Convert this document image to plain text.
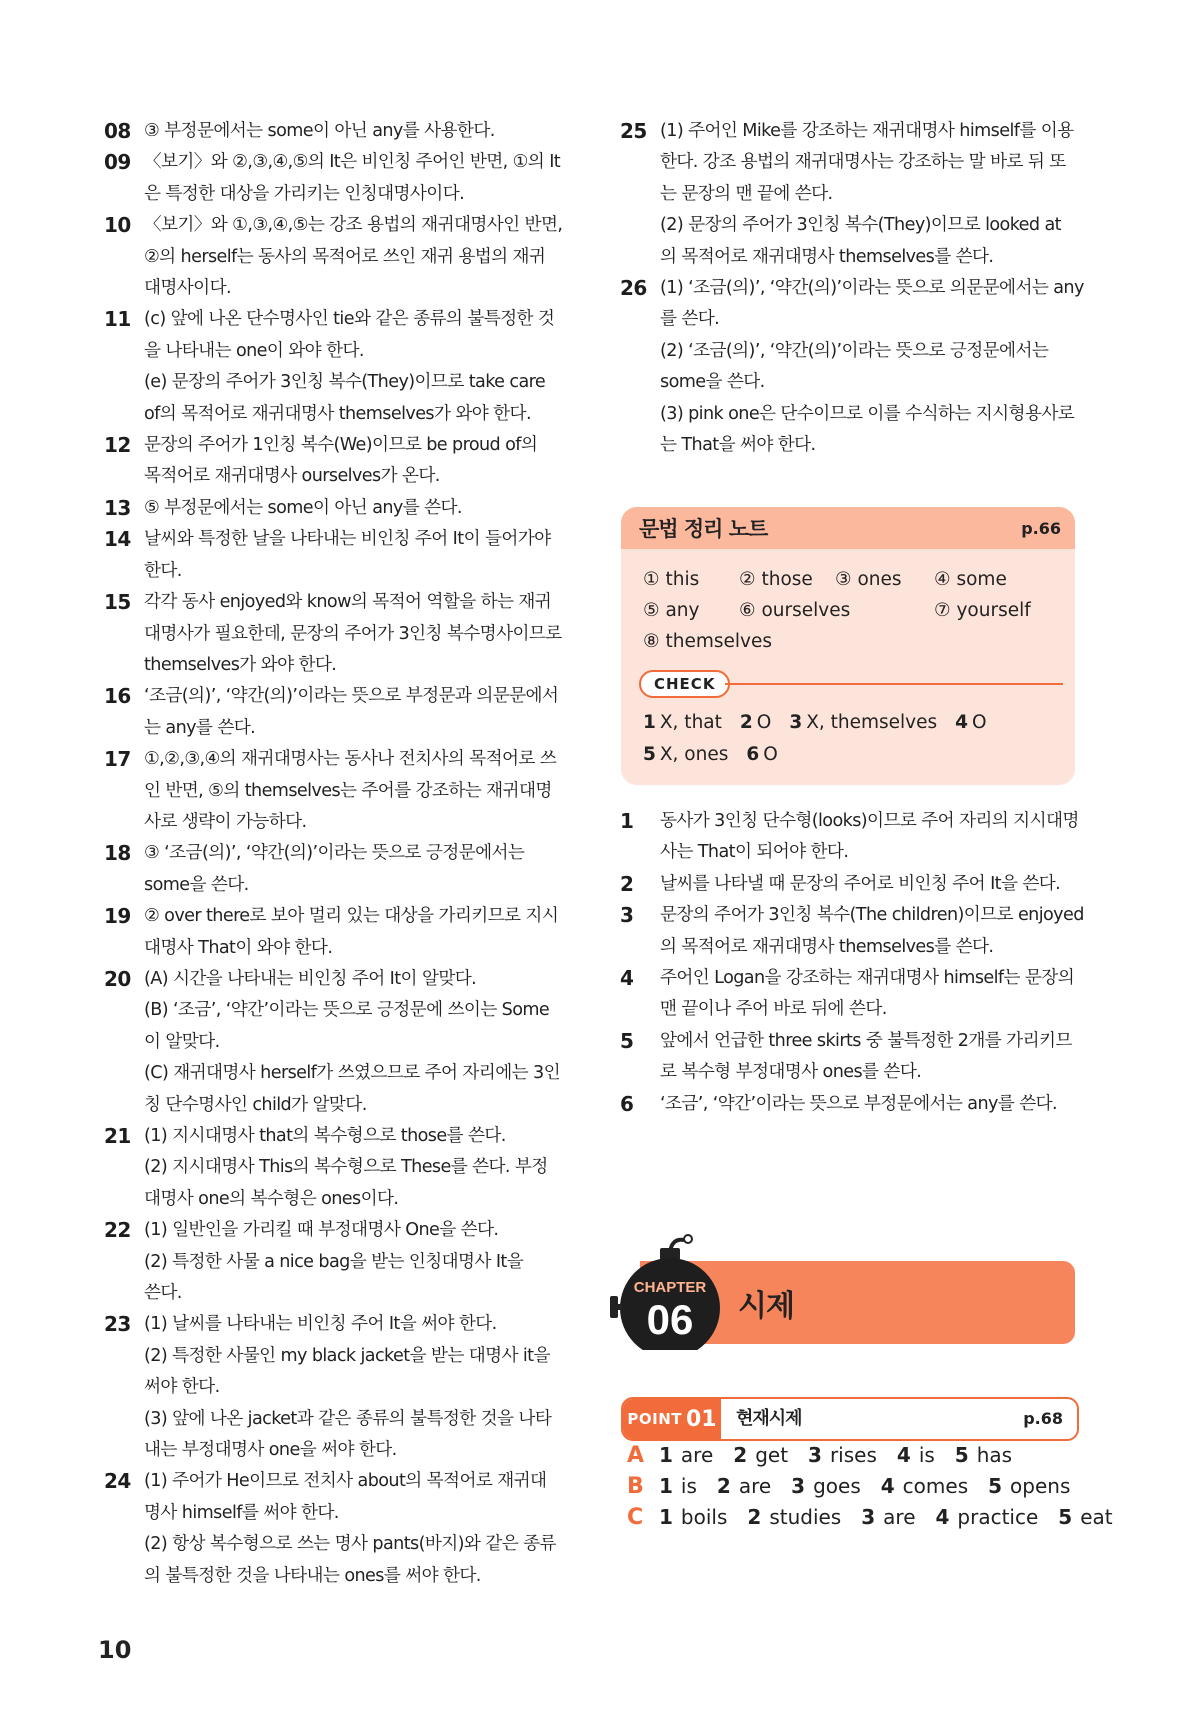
08 ③ 부정문에서는 some이 아닌 any를 사용한다.
09 〈보기〉와 ②,③,④,⑤의 It은 비인칭 주어인 반면, ①의 It
은 특정한 대상을 가리키는 인칭대명사이다.
10 〈보기〉와 ①,③,④,⑤는 강조 용법의 재귀대명사인 반면,
②의 herself는 동사의 목적어로 쓰인 재귀 용법의 재귀
대명사이다.
11 (c) 앞에 나온 단수명사인 tie와 같은 종류의 불특정한 것
을 나타내는 one이 와야 한다.
(e) 문장의 주어가 3인칭 복수(They)이므로 take care
of의 목적어로 재귀대명사 themselves가 와야 한다.
12 문장의 주어가 1인칭 복수(We)이므로 be proud of의
목적어로 재귀대명사 ourselves가 온다.
13 ⑤ 부정문에서는 some이 아닌 any를 쓴다.
14 날씨와 특정한 날을 나타내는 비인칭 주어 It이 들어가야
한다.
15 각각 동사 enjoyed와 know의 목적어 역할을 하는 재귀
대명사가 필요한데, 문장의 주어가 3인칭 복수명사이므로
themselves가 와야 한다.
16 ‘조금(의)’, ‘약간(의)’이라는 뜻으로 부정문과 의문문에서
는 any를 쓴다.
17 ①,②,③,④의 재귀대명사는 동사나 전치사의 목적어로 쓰
인 반면, ⑤의 themselves는 주어를 강조하는 재귀대명
사로 생략이 가능하다.
18 ③ ‘조금(의)’, ‘약간(의)’이라는 뜻으로 긍정문에서는
some을 쓴다.
19 ② over there로 보아 멀리 있는 대상을 가리키므로 지시
대명사 That이 와야 한다.
20 (A) 시간을 나타내는 비인칭 주어 It이 알맞다.
(B) ‘조금’, ‘약간’이라는 뜻으로 긍정문에 쓰이는 Some
이 알맞다.
(C) 재귀대명사 herself가 쓰였으므로 주어 자리에는 3인
칭 단수명사인 child가 알맞다.
21 (1) 지시대명사 that의 복수형으로 those를 쓴다.
(2) 지시대명사 This의 복수형으로 These를 쓴다. 부정
대명사 one의 복수형은 ones이다.
22 (1) 일반인을 가리킬 때 부정대명사 One을 쓴다.
(2) 특정한 사물 a nice bag을 받는 인칭대명사 It을
쓴다.
23 (1) 날씨를 나타내는 비인칭 주어 It을 써야 한다.
(2) 특정한 사물인 my black jacket을 받는 대명사 it을
써야 한다.
(3) 앞에 나온 jacket과 같은 종류의 불특정한 것을 나타
내는 부정대명사 one을 써야 한다.
24 (1) 주어가 He이므로 전치사 about의 목적어로 재귀대
명사 himself를 써야 한다.
(2) 항상 복수형으로 쓰는 명사 pants(바지)와 같은 종류
의 불특정한 것을 나타내는 ones를 써야 한다.
25 (1) 주어인 Mike를 강조하는 재귀대명사 himself를 이용
한다. 강조 용법의 재귀대명사는 강조하는 말 바로 뒤 또
는 문장의 맨 끝에 쓴다.
(2) 문장의 주어가 3인칭 복수(They)이므로 looked at
의 목적어로 재귀대명사 themselves를 쓴다.
26 (1) ‘조금(의)’, ‘약간(의)’이라는 뜻으로 의문문에서는 any
를 쓴다.
(2) ‘조금(의)’, ‘약간(의)’이라는 뜻으로 긍정문에서는
some을 쓴다.
(3) pink one은 단수이므로 이를 수식하는 지시형용사로
는 That을 써야 한다.
문법 정리 노트	p.66
① this ② those ③ ones ④ some
⑤ any ⑥ ourselves	⑦ yourself
⑧ themselves
CHECK
1 X, that 2 O 3 X, themselves 4 O
5 X, ones 6 O
1	동사가 3인칭 단수형(looks)이므로 주어 자리의 지시대명
사는 That이 되어야 한다.
2	날씨를 나타낼 때 문장의 주어로 비인칭 주어 It을 쓴다.
3	문장의 주어가 3인칭 복수(The children)이므로 enjoyed
의 목적어로 재귀대명사 themselves를 쓴다.
4	주어인 Logan을 강조하는 재귀대명사 himself는 문장의
맨 끝이나 주어 바로 뒤에 쓴다.
5	앞에서 언급한 three skirts 중 불특정한 2개를 가리키므
로 복수형 부정대명사 ones를 쓴다.
6	‘조금’, ‘약간’이라는 뜻으로 부정문에서는 any를 쓴다.
CHAPTER
06 시제
POINT 01 현재시제	p.68
A 1 are 2 get 3 rises 4 is 5 has
B 1 is 2 are 3 goes 4 comes 5 opens
C 1 boils 2 studies 3 are 4 practice 5 eat
10
